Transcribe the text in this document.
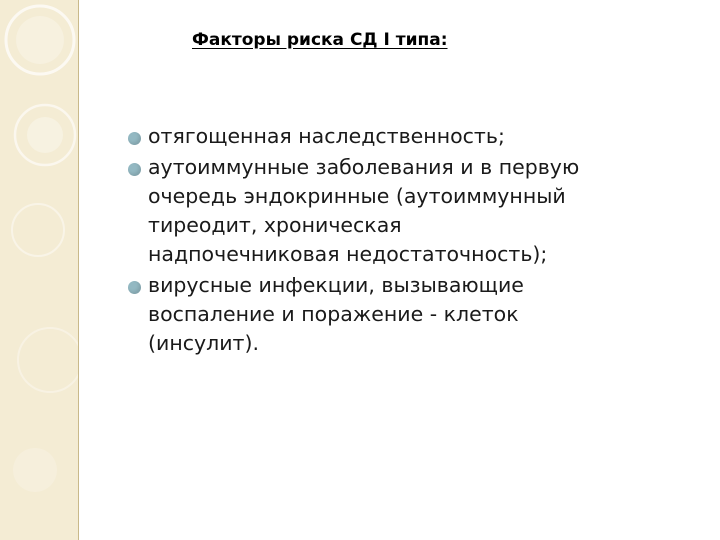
Факторы риска СД I типа:
отягощенная наследственность;
аутоиммунные заболевания и в первую
очередь эндокринные (аутоиммунный
тиреодит, хроническая
надпочечниковая недостаточность);
вирусные инфекции, вызывающие
воспаление и поражение - клеток
(инсулит).
